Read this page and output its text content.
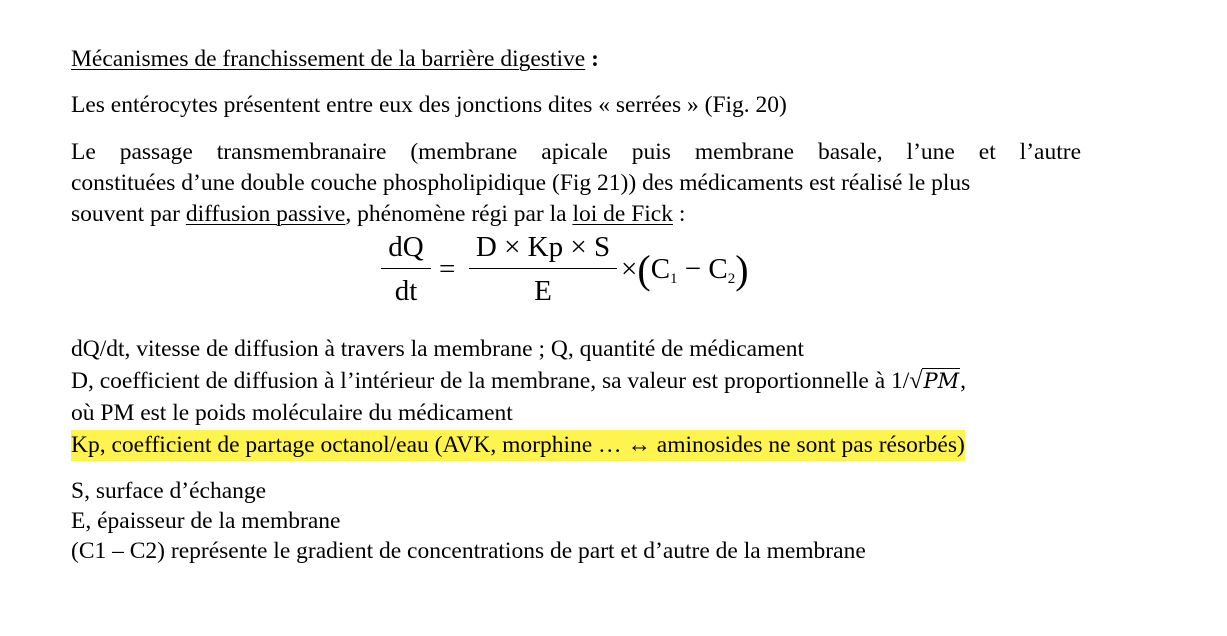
Mécanismes de franchissement de la barrière digestive :
Les entérocytes présentent entre eux des jonctions dites « serrées » (Fig. 20)
Le passage transmembranaire (membrane apicale puis membrane basale, l’une et l’autre
constituées d’une double couche phospholipidique (Fig 21)) des médicaments est réalisé le plus
souvent par diffusion passive, phénomène régi par la loi de Fick :
dQ
dt
=
D × Kp × S
E
$\times(C_1 - C_2)$
dQ/dt, vitesse de diffusion à travers la membrane ; Q, quantité de médicament
D, coefficient de diffusion à l’intérieur de la membrane, sa valeur est proportionnelle à 1/√PM,
où PM est le poids moléculaire du médicament
Kp, coefficient de partage octanol/eau (AVK, morphine … ↔ aminosides ne sont pas résorbés)
S, surface d’échange
E, épaisseur de la membrane
(C1 – C2) représente le gradient de concentrations de part et d’autre de la membrane
